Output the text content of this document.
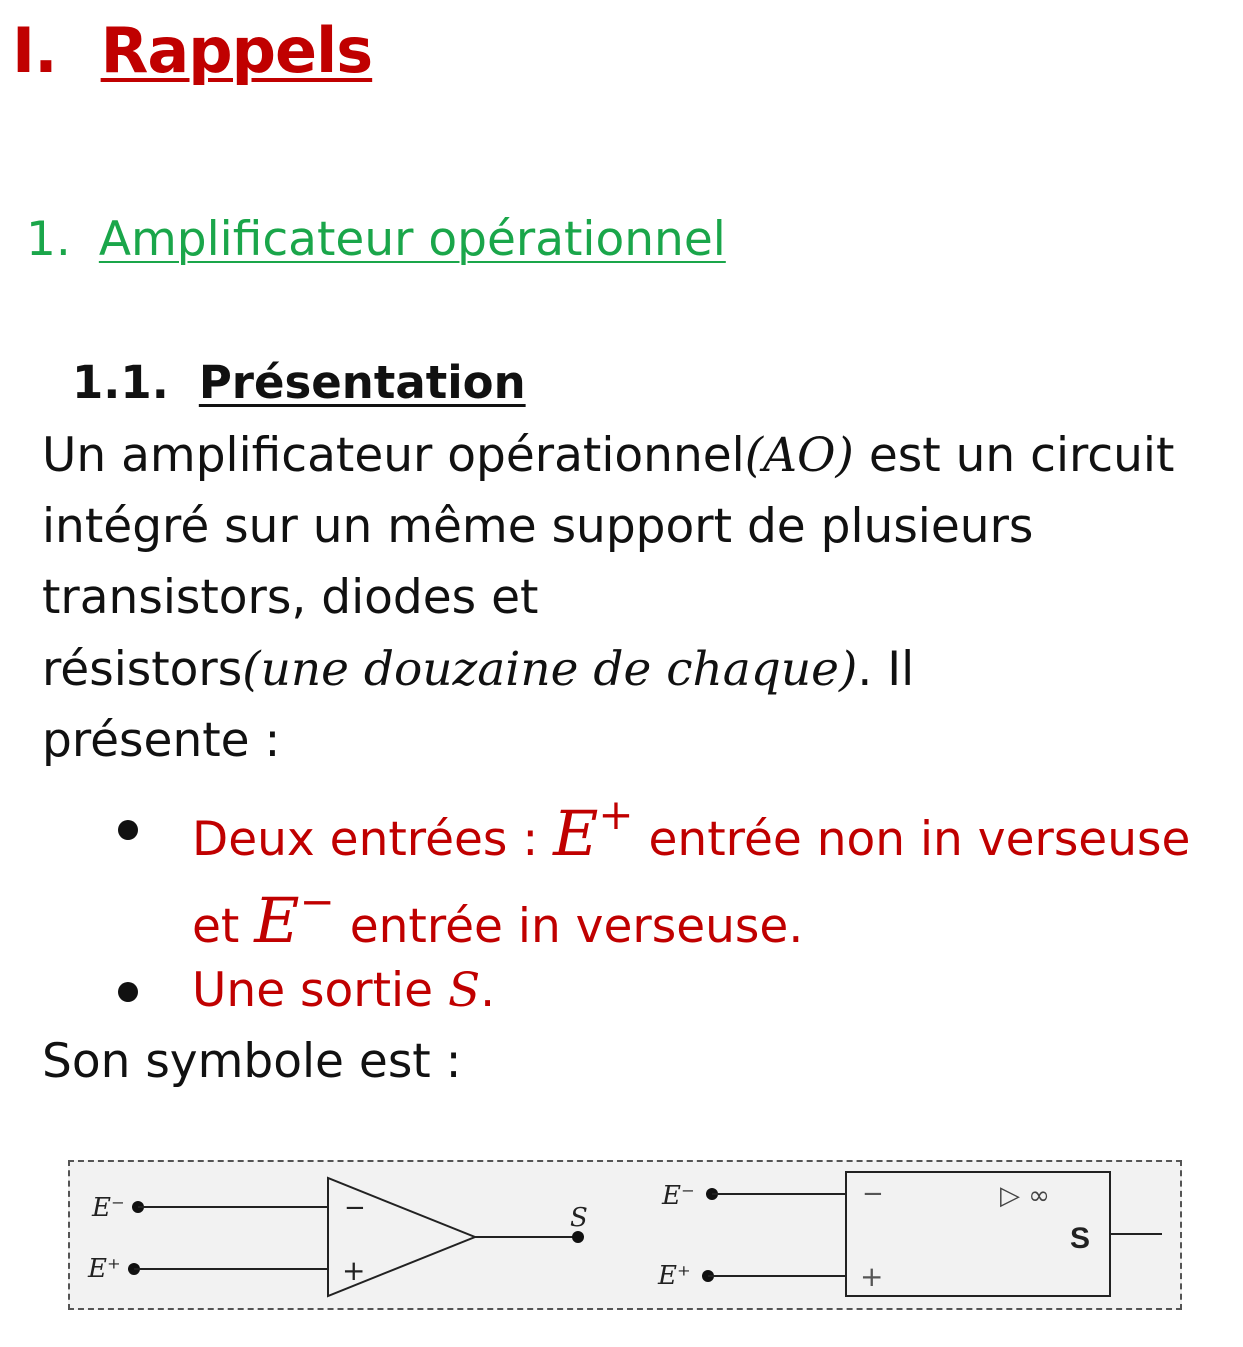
I. Rappels
1. Amplificateur opérationnel
1.1. Présentation
Un amplificateur opérationnel(AO) est un circuit
intégré sur un même support de plusieurs
transistors, diodes et
résistors(une douzaine de chaque). Il
présente :
Deux entrées : E+ entrée non in verseuse
et E− entrée in verseuse.
Une sortie S.
Son symbole est :
E⁻
E⁺
−
+
S
E⁻
E⁺
−
+
▷ ∞
S
